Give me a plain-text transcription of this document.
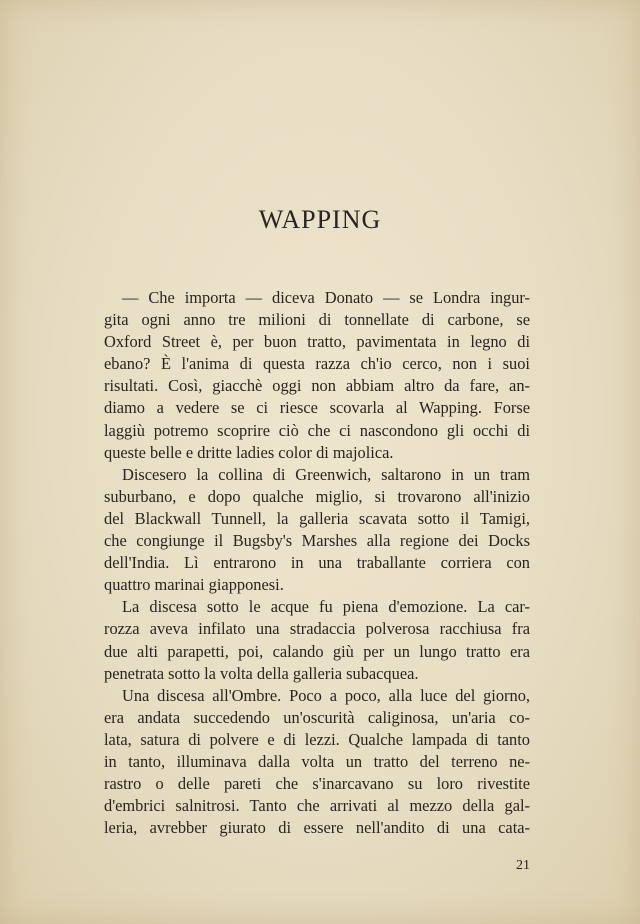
WAPPING
— Che importa — diceva Donato — se Londra ingur-
gita ogni anno tre milioni di tonnellate di carbone, se
Oxford Street è, per buon tratto, pavimentata in legno di
ebano? È l'anima di questa razza ch'io cerco, non i suoi
risultati. Così, giacchè oggi non abbiam altro da fare, an-
diamo a vedere se ci riesce scovarla al Wapping. Forse
laggiù potremo scoprire ciò che ci nascondono gli occhi di
queste belle e dritte ladies color di majolica.
Discesero la collina di Greenwich, saltarono in un tram
suburbano, e dopo qualche miglio, si trovarono all'inizio
del Blackwall Tunnell, la galleria scavata sotto il Tamigi,
che congiunge il Bugsby's Marshes alla regione dei Docks
dell'India. Lì entrarono in una traballante corriera con
quattro marinai giapponesi.
La discesa sotto le acque fu piena d'emozione. La car-
rozza aveva infilato una stradaccia polverosa racchiusa fra
due alti parapetti, poi, calando giù per un lungo tratto era
penetrata sotto la volta della galleria subacquea.
Una discesa all'Ombre. Poco a poco, alla luce del giorno,
era andata succedendo un'oscurità caliginosa, un'aria co-
lata, satura di polvere e di lezzi. Qualche lampada di tanto
in tanto, illuminava dalla volta un tratto del terreno ne-
rastro o delle pareti che s'inarcavano su loro rivestite
d'embrici salnitrosi. Tanto che arrivati al mezzo della gal-
leria, avrebber giurato di essere nell'andito di una cata-
21
